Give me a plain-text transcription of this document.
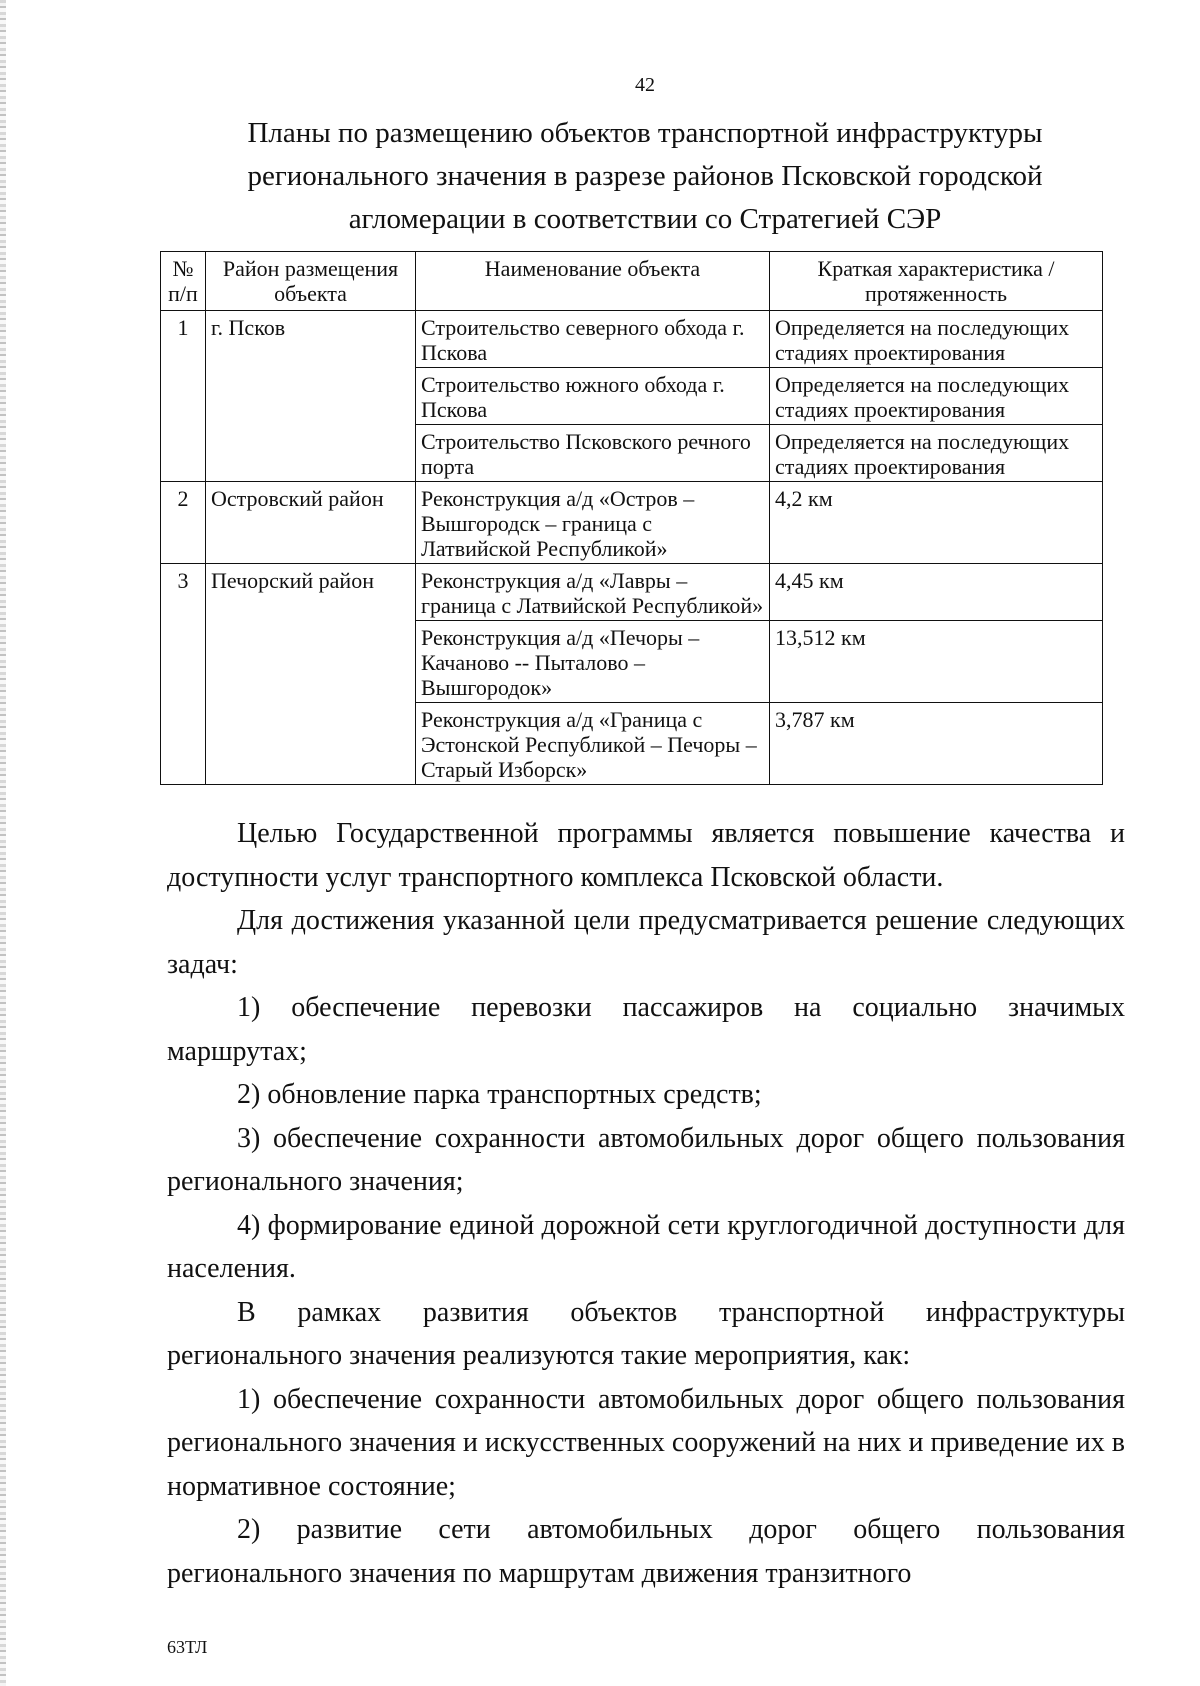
42
Планы по размещению объектов транспортной инфраструктуры
регионального значения в разрезе районов Псковской городской
агломерации в соответствии со Стратегией СЭР
№ п/п	Район размещения объекта	Наименование объекта	Краткая характеристика / протяженность
1	г. Псков	Строительство северного обхода г. Пскова	Определяется на последующих стадиях проектирования
		Строительство южного обхода г. Пскова	Определяется на последующих стадиях проектирования
		Строительство Псковского речного порта	Определяется на последующих стадиях проектирования
2	Островский район	Реконструкция а/д «Остров – Вышгородск – граница с Латвийской Республикой»	4,2 км
3	Печорский район	Реконструкция а/д «Лавры – граница с Латвийской Республикой»	4,45 км
		Реконструкция а/д «Печоры – Качаново -- Пыталово – Вышгородок»	13,512 км
		Реконструкция а/д «Граница с Эстонской Республикой – Печоры – Старый Изборск»	3,787 км

Целью Государственной программы является повышение качества и доступности услуг транспортного комплекса Псковской области.

Для достижения указанной цели предусматривается решение следующих задач:

1) обеспечение перевозки пассажиров на социально значимых маршрутах;

2) обновление парка транспортных средств;

3) обеспечение сохранности автомобильных дорог общего пользования регионального значения;

4) формирование единой дорожной сети круглогодичной доступности для населения.

В рамках развития объектов транспортной инфраструктуры регионального значения реализуются такие мероприятия, как:

1) обеспечение сохранности автомобильных дорог общего пользования регионального значения и искусственных сооружений на них и приведение их в нормативное состояние;

2) развитие сети автомобильных дорог общего пользования регионального значения по маршрутам движения транзитного

63ТЛ
